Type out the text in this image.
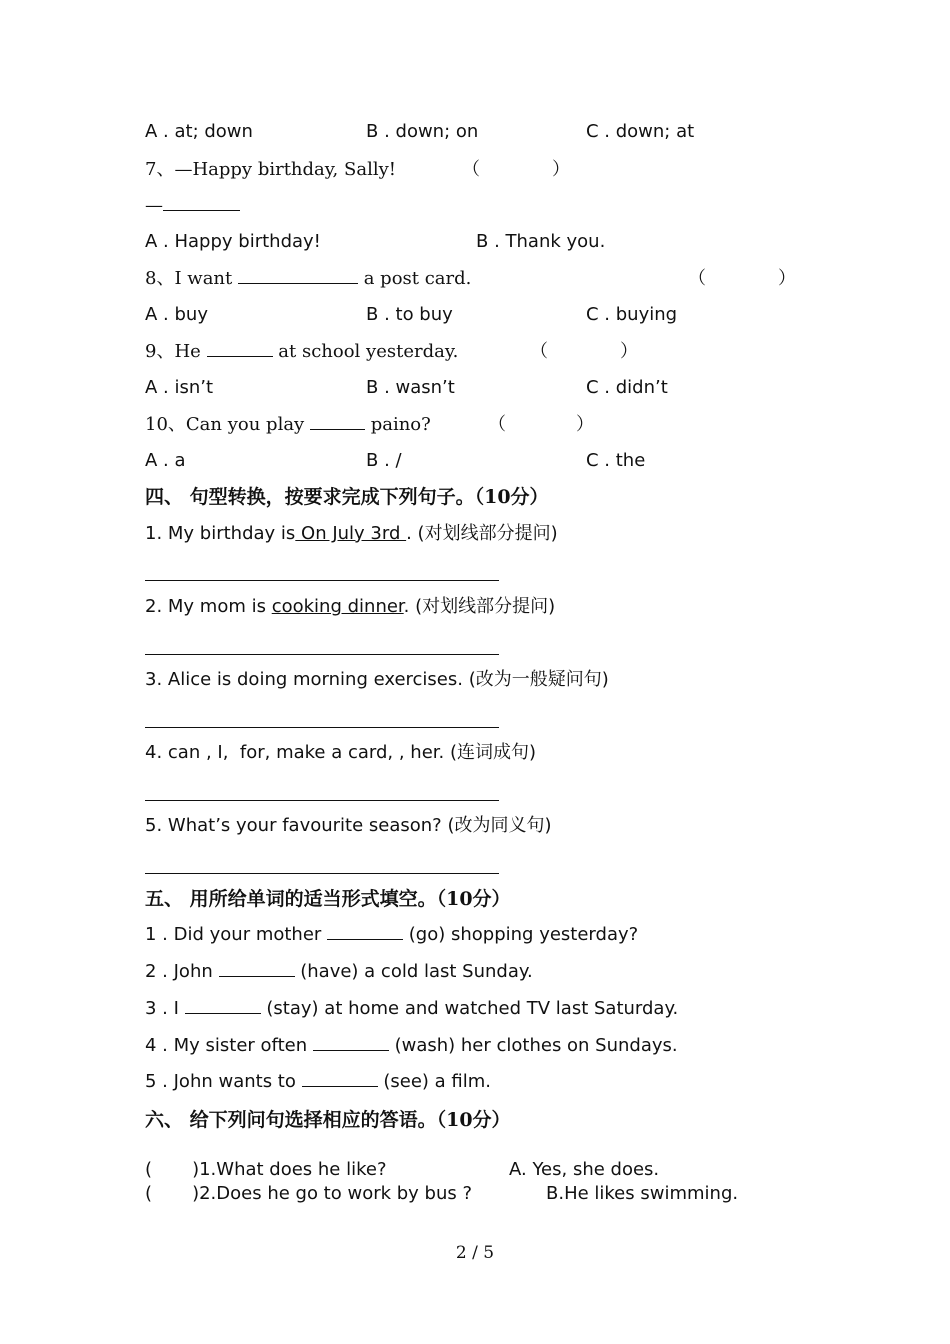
A . at; down	B . down; on	C . down; at
7、—Happy birthday, Sally!	（	）
—
A . Happy birthday!	B . Thank you.
8、I want	a post card.	（	）
A . buy	B . to buy	C . buying
9、He	at school yesterday.	（	）
A . isn’t	B . wasn’t	C . didn’t
10、Can you play	paino?	（	）
A . a	B . /	C . the
四、 句型转换，按要求完成下列句子。（10分）
1. My birthday is On July 3rd . (对划线部分提问)
2. My mom is cooking dinner. (对划线部分提问)
3. Alice is doing morning exercises. (改为一般疑问句)
4. can , I,  for, make a card, , her. (连词成句)
5. What’s your favourite season? (改为同义句)
五、 用所给单词的适当形式填空。（10分）
1 . Did your mother	(go) shopping yesterday?
2 . John	(have) a cold last Sunday.
3 . I	(stay) at home and watched TV last Saturday.
4 . My sister often	(wash) her clothes on Sundays.
5 . John wants to	(see) a film.
六、 给下列问句选择相应的答语。（10分）
(       )1.What does he like?	A. Yes, she does.
(       )2.Does he go to work by bus ?	B.He likes swimming.
2 / 5
